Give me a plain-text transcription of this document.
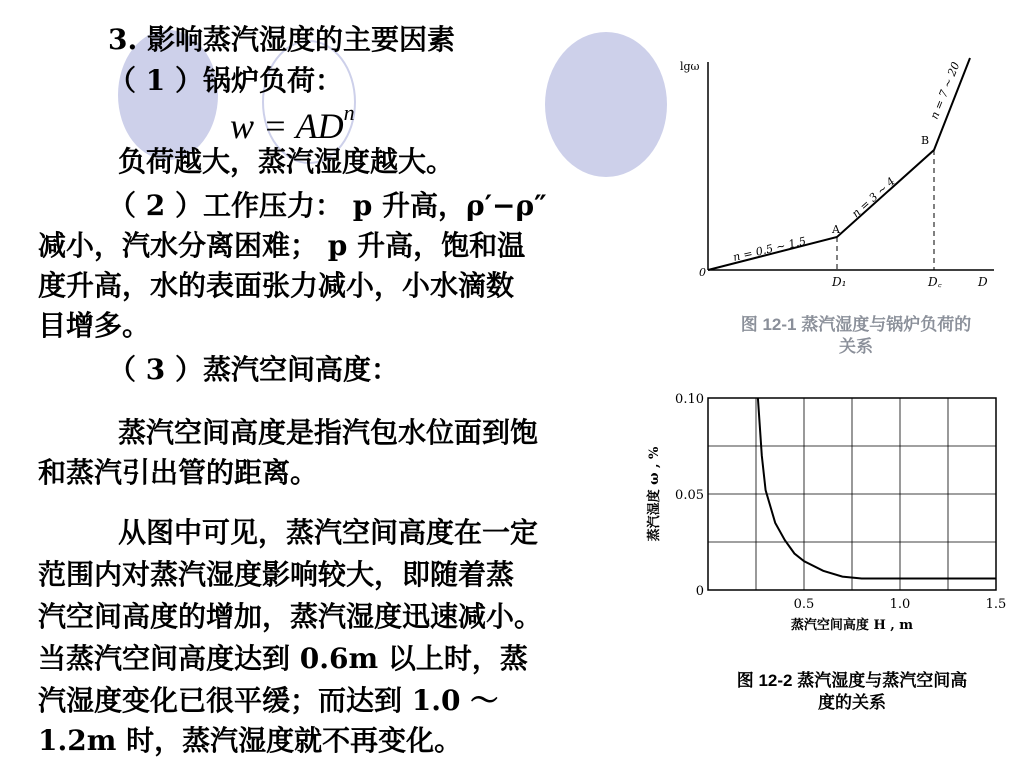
3. 影响蒸汽湿度的主要因素
（ 1 ）锅炉负荷：
$w = AD^n$
负荷越大，蒸汽湿度越大。
（ 2 ）工作压力： p 升高，ρ′−ρ″
减小，汽水分离困难； p 升高，饱和温
度升高，水的表面张力减小，小水滴数
目增多。
（ 3 ）蒸汽空间高度：
蒸汽空间高度是指汽包水位面到饱
和蒸汽引出管的距离。
从图中可见，蒸汽空间高度在一定
范围内对蒸汽湿度影响较大，即随着蒸
汽空间高度的增加，蒸汽湿度迅速减小。
当蒸汽空间高度达到 0.6m 以上时，蒸
汽湿度变化已很平缓；而达到 1.0 ～
1.2m 时，蒸汽湿度就不再变化。
lgω
0
D
D₁	D꜀
A
B
n = 0.5 ~ 1.5
n = 3 ~ 4
n = 7 ~ 20
图 12-1 蒸汽湿度与锅炉负荷的
关系
0.5	1.0	1.5
0
0.05
0.10
蒸汽空间高度 H , m
蒸汽湿度 ω , %
图 12-2 蒸汽湿度与蒸汽空间高
度的关系
